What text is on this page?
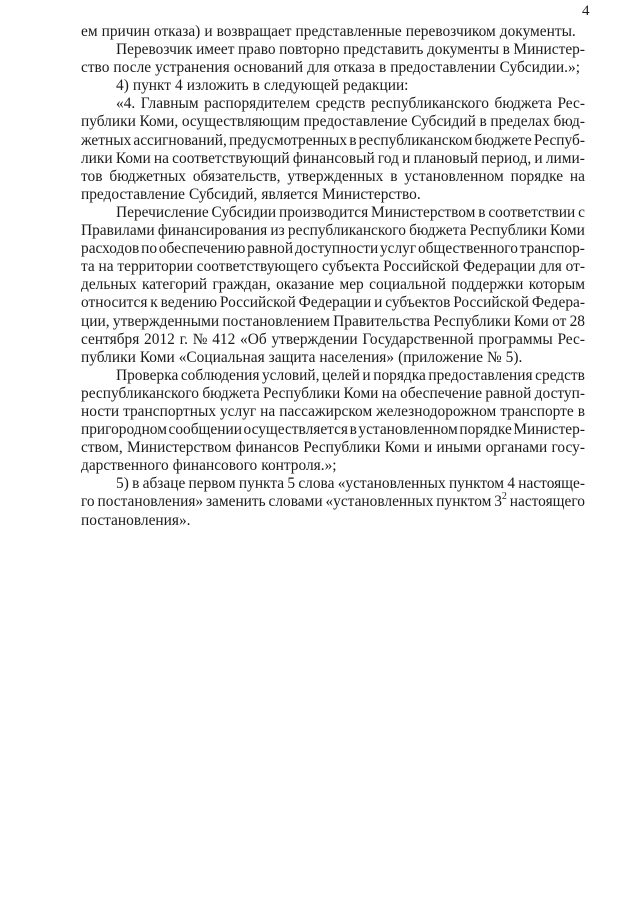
4
ем причин отказа) и возвращает представленные перевозчиком документы.
Перевозчик имеет право повторно представить документы в Министер-
ство после устранения оснований для отказа в предоставлении Субсидии.»;
4) пункт 4 изложить в следующей редакции:
«4. Главным распорядителем средств республиканского бюджета Рес-
публики Коми, осуществляющим предоставление Субсидий в пределах бюд-
жетных ассигнований, предусмотренных в республиканском бюджете Респуб-
лики Коми на соответствующий финансовый год и плановый период, и лими-
тов бюджетных обязательств, утвержденных в установленном порядке на
предоставление Субсидий, является Министерство.
Перечисление Субсидии производится Министерством в соответствии с
Правилами финансирования из республиканского бюджета Республики Коми
расходов по обеспечению равной доступности услуг общественного транспор-
та на территории соответствующего субъекта Российской Федерации для от-
дельных категорий граждан, оказание мер социальной поддержки которым
относится к ведению Российской Федерации и субъектов Российской Федера-
ции, утвержденными постановлением Правительства Республики Коми от 28
сентября 2012 г. № 412 «Об утверждении Государственной программы Рес-
публики Коми «Социальная защита населения» (приложение № 5).
Проверка соблюдения условий, целей и порядка предоставления средств
республиканского бюджета Республики Коми на обеспечение равной доступ-
ности транспортных услуг на пассажирском железнодорожном транспорте в
пригородном сообщении осуществляется в установленном порядке Министер-
ством, Министерством финансов Республики Коми и иными органами госу-
дарственного финансового контроля.»;
5) в абзаце первом пункта 5 слова «установленных пунктом 4 настояще-
го постановления» заменить словами «установленных пунктом $3^2$ настоящего
постановления».
